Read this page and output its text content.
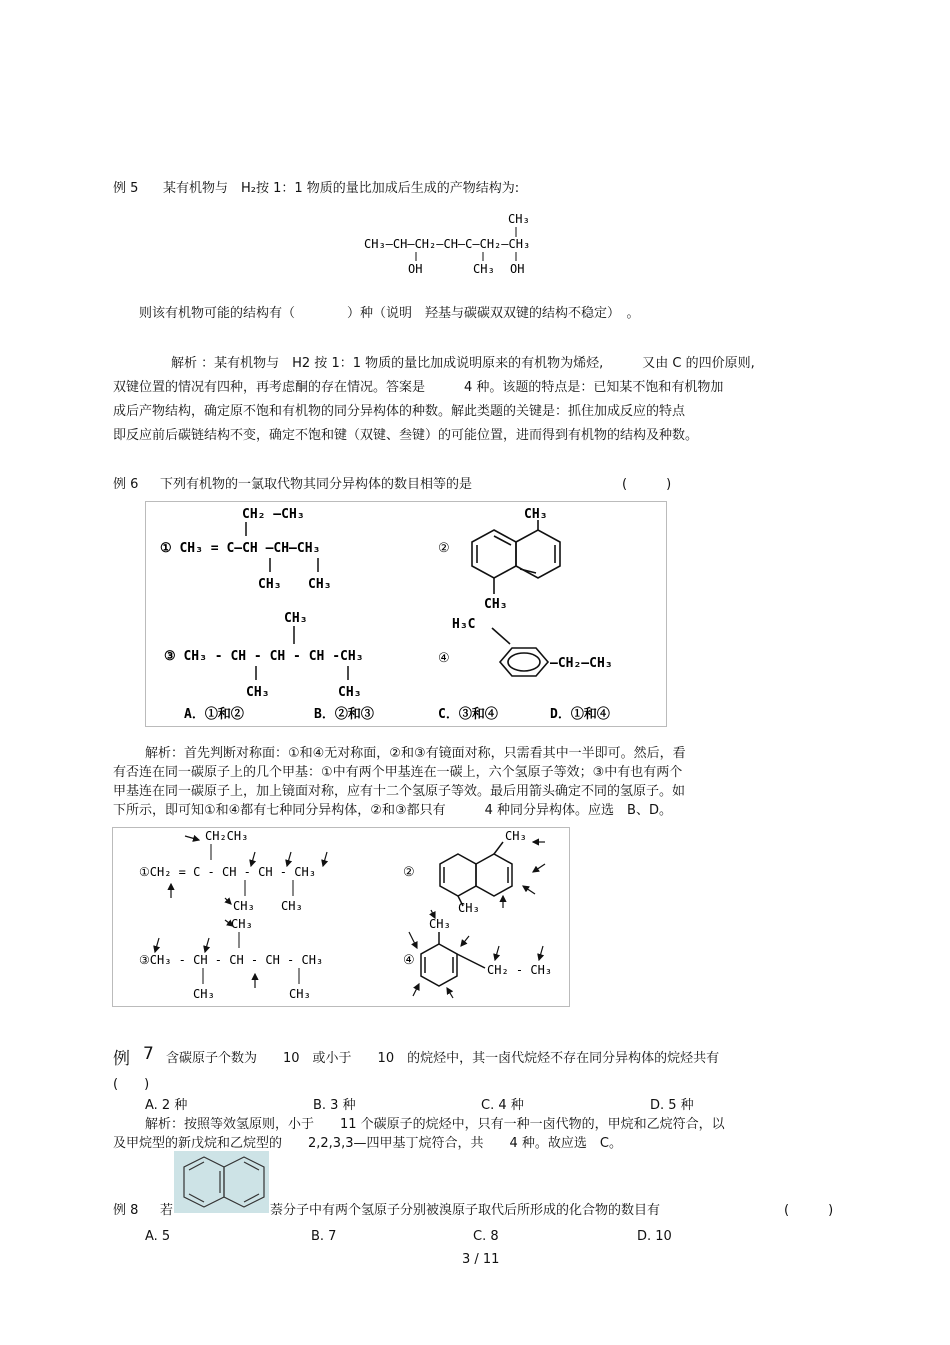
例 5 某有机物与　H₂按 1：1 物质的量比加成后生成的产物结构为:
CH₃
CH₃—CH—CH₂—CH—C—CH₂—CH₃
OH	CH₃ OH
则该有机物可能的结构有（　　　　）种（说明　羟基与碳碳双双键的结构不稳定）　。
解析 ：某有机物与　H2 按 1：1 物质的量比加成说明原来的有机物为烯烃,　　　又由 C 的四价原则,
双键位置的情况有四种，再考虑酮的存在情况。答案是　　　4 种。该题的特点是：已知某不饱和有机物加
成后产物结构，确定原不饱和有机物的同分异构体的种数。解此类题的关键是：抓住加成反应的特点
即反应前后碳链结构不变，确定不饱和键（双键、叁键）的可能位置，进而得到有机物的结构及种数。
例 6 下列有机物的一氯取代物其同分异构体的数目相等的是	(　　　)
CH₂ —CH₃
① CH₃ = C—CH —CH—CH₃
CH₃ CH₃
②
CH₃
CH₃
CH₃
③ CH₃ - CH - CH - CH -CH₃
CH₃	CH₃
④
H₃C
—CH₂—CH₃
A．①和②	B．②和③	C．③和④	D．①和④
解析：首先判断对称面：①和④无对称面，②和③有镜面对称，只需看其中一半即可。然后，看
有否连在同一碳原子上的几个甲基：①中有两个甲基连在一碳上，六个氢原子等效；③中有也有两个
甲基连在同一碳原子上，加上镜面对称，应有十二个氢原子等效。最后用箭头确定不同的氢原子。如
下所示，即可知①和④都有七种同分异构体，②和③都只有　　　4 种同分异构体。应选　B、D。
CH₂CH₃
①CH₂ = C - CH - CH - CH₃
CH₃ CH₃
②
CH₃
CH₃
CH₃
③CH₃ - CH - CH - CH - CH₃
CH₃	CH₃
④
CH₃
CH₂ - CH₃
例 7 含碳原子个数为　　10　或小于　　10　的烷烃中，其一卤代烷烃不存在同分异构体的烷烃共有
(　　)
A. 2 种	B. 3 种	C. 4 种	D. 5 种
解析：按照等效氢原则，小于　　11 个碳原子的烷烃中，只有一种一卤代物的，甲烷和乙烷符合，以
及甲烷型的新戊烷和乙烷型的　　2,2,3,3—四甲基丁烷符合，共　　4 种。故应选　C。
例 8 若	萘分子中有两个氢原子分别被溴原子取代后所形成的化合物的数目有	(　　　)
A. 5	B. 7	C. 8	D. 10
3 / 11
